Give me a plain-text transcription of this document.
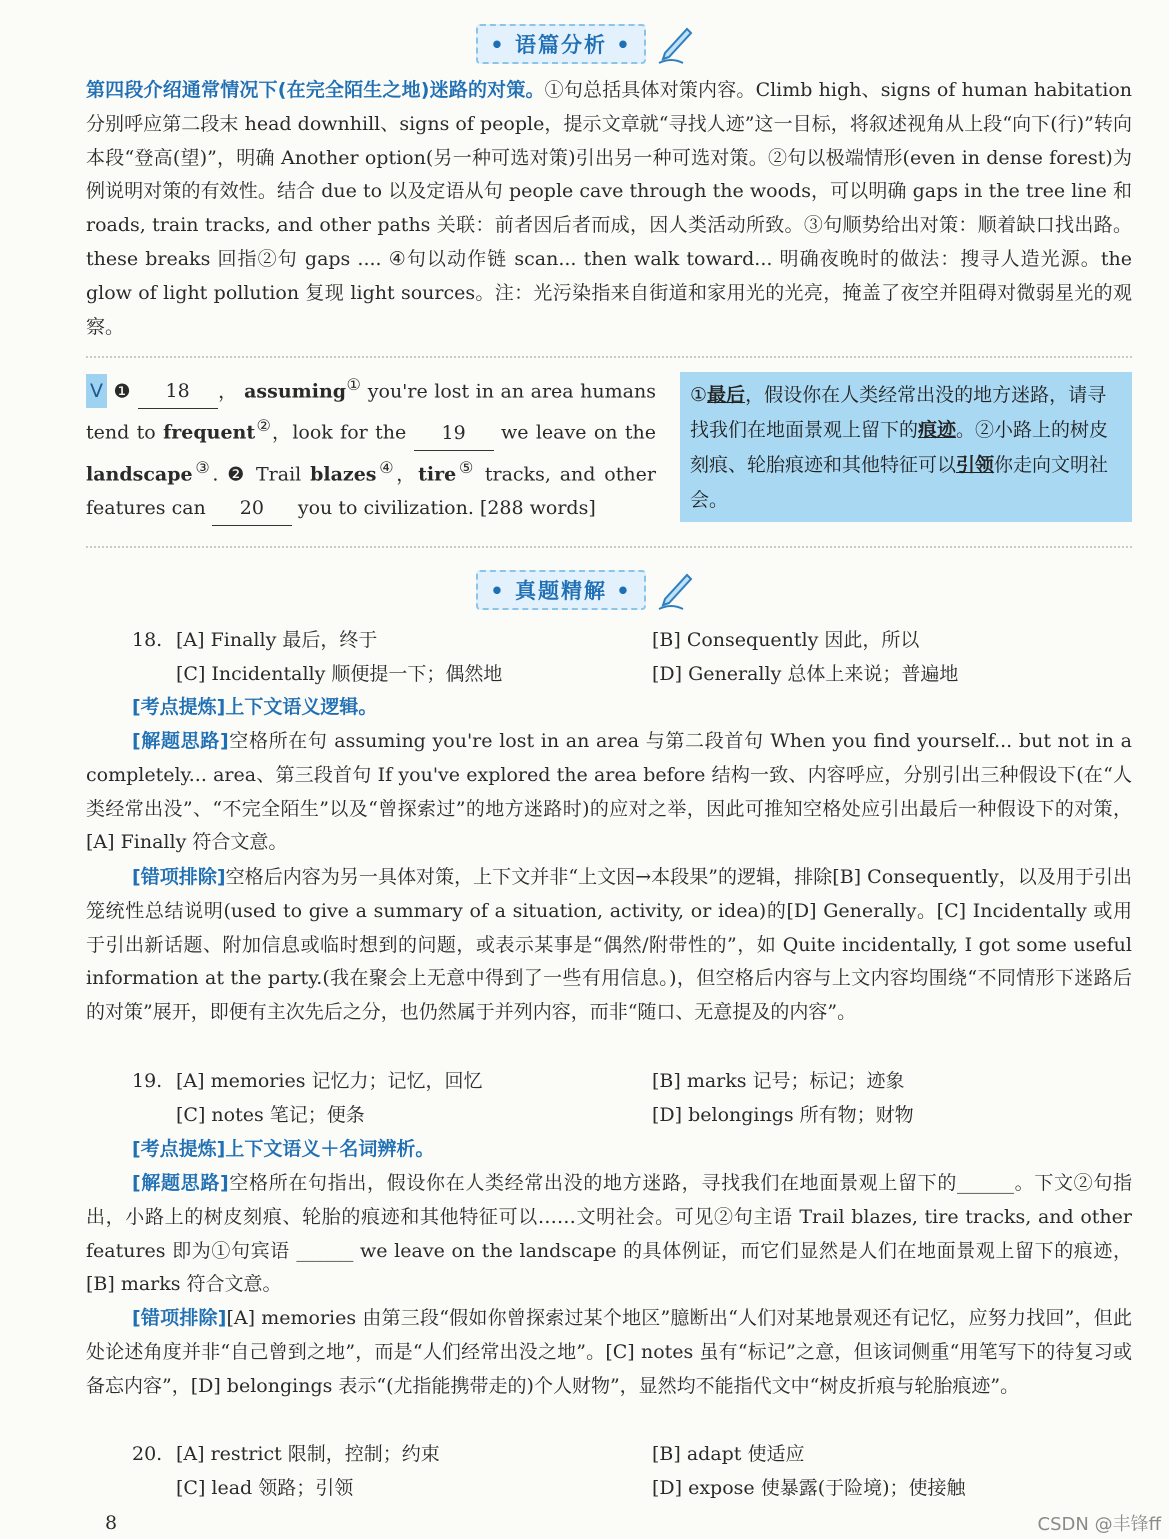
• 语篇分析 •
第四段介绍通常情况下(在完全陌生之地)迷路的对策。①句总括具体对策内容。Climb high、signs of human habitation 分别呼应第二段末 head downhill、signs of people，提示文章就“寻找人迹”这一目标，将叙述视角从上段“向下(行)”转向本段“登高(望)”，明确 Another option(另一种可选对策)引出另一种可选对策。②句以极端情形(even in dense forest)为例说明对策的有效性。结合 due to 以及定语从句 people cave through the woods，可以明确 gaps in the tree line 和 roads, train tracks, and other paths 关联：前者因后者而成，因人类活动所致。③句顺势给出对策：顺着缺口找出路。these breaks 回指②句 gaps .... ④句以动作链 scan... then walk toward... 明确夜晚时的做法：搜寻人造光源。the glow of light pollution 复现 light sources。注：光污染指来自街道和家用光的光亮，掩盖了夜空并阻碍对微弱星光的观察。
V ❶ 18 ， assuming① you're lost in an area humans tend to frequent②，look for the 19 we leave on the landscape③. ❷ Trail blazes④，tire⑤ tracks, and other features can 20 you to civilization. [288 words]
①最后，假设你在人类经常出没的地方迷路，请寻找我们在地面景观上留下的痕迹。②小路上的树皮刻痕、轮胎痕迹和其他特征可以引领你走向文明社会。
• 真题精解 •
18. [A] Finally 最后，终于	[B] Consequently 因此，所以
[C] Incidentally 顺便提一下；偶然地	[D] Generally 总体上来说；普遍地
[考点提炼]上下文语义逻辑。
[解题思路]空格所在句 assuming you're lost in an area 与第二段首句 When you find yourself... but not in a completely... area、第三段首句 If you've explored the area before 结构一致、内容呼应，分别引出三种假设下(在“人类经常出没”、“不完全陌生”以及“曾探索过”的地方迷路时)的应对之举，因此可推知空格处应引出最后一种假设下的对策，[A] Finally 符合文意。
[错项排除]空格后内容为另一具体对策，上下文并非“上文因→本段果”的逻辑，排除[B] Consequently，以及用于引出笼统性总结说明(used to give a summary of a situation, activity, or idea)的[D] Generally。[C] Incidentally 或用于引出新话题、附加信息或临时想到的问题，或表示某事是“偶然/附带性的”，如 Quite incidentally, I got some useful information at the party.(我在聚会上无意中得到了一些有用信息。)，但空格后内容与上文内容均围绕“不同情形下迷路后的对策”展开，即便有主次先后之分，也仍然属于并列内容，而非“随口、无意提及的内容”。
19. [A] memories 记忆力；记忆，回忆	[B] marks 记号；标记；迹象
[C] notes 笔记；便条	[D] belongings 所有物；财物
[考点提炼]上下文语义＋名词辨析。
[解题思路]空格所在句指出，假设你在人类经常出没的地方迷路，寻找我们在地面景观上留下的______。下文②句指出，小路上的树皮刻痕、轮胎的痕迹和其他特征可以……文明社会。可见②句主语 Trail blazes, tire tracks, and other features 即为①句宾语 ______ we leave on the landscape 的具体例证，而它们显然是人们在地面景观上留下的痕迹，[B] marks 符合文意。
[错项排除][A] memories 由第三段“假如你曾探索过某个地区”臆断出“人们对某地景观还有记忆，应努力找回”，但此处论述角度并非“自己曾到之地”，而是“人们经常出没之地”。[C] notes 虽有“标记”之意，但该词侧重“用笔写下的待复习或备忘内容”，[D] belongings 表示“(尤指能携带走的)个人财物”，显然均不能指代文中“树皮折痕与轮胎痕迹”。
20. [A] restrict 限制，控制；约束	[B] adapt 使适应
[C] lead 领路；引领	[D] expose 使暴露(于险境)；使接触
8	CSDN @丰锋ff
